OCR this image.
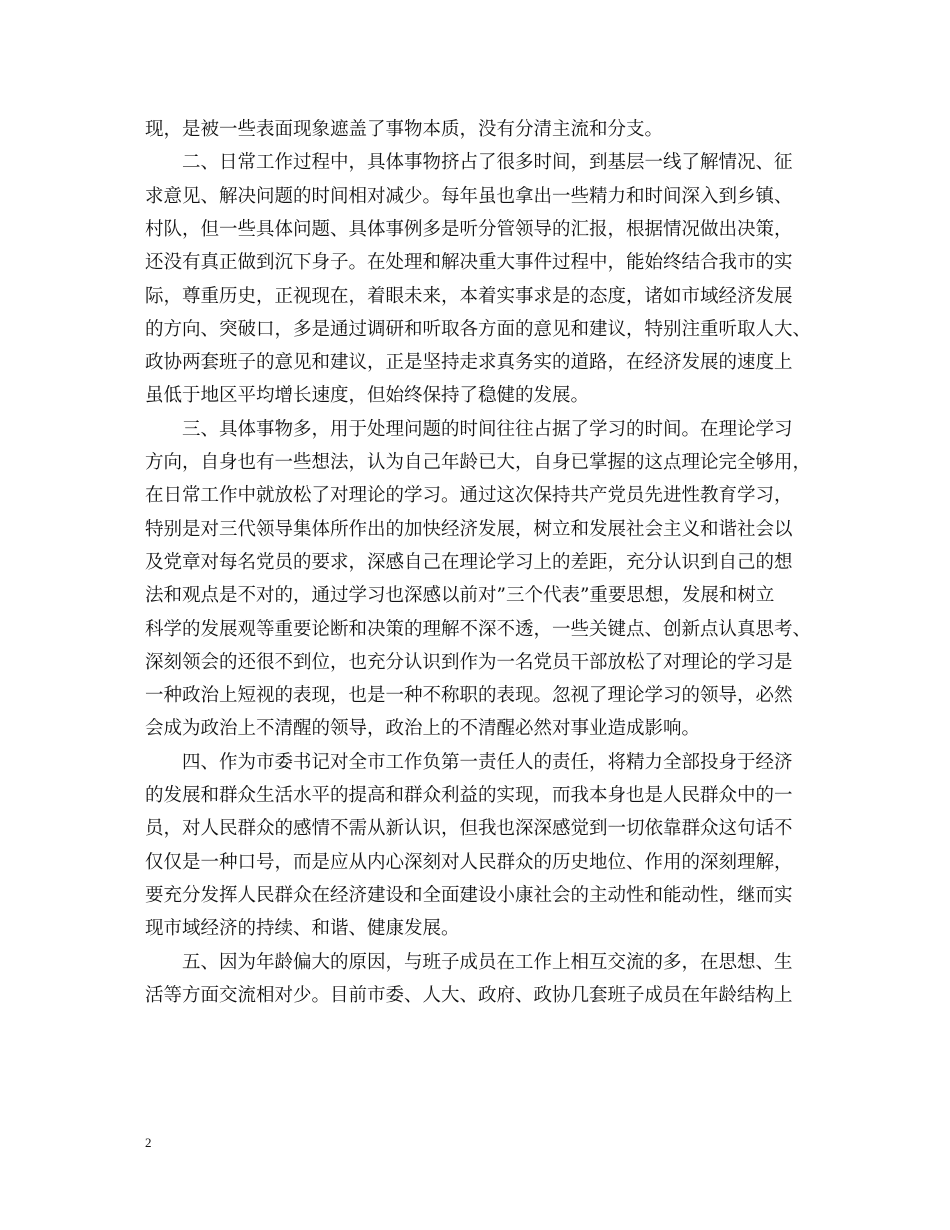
现，是被一些表面现象遮盖了事物本质，没有分清主流和分支。
　　二、日常工作过程中，具体事物挤占了很多时间，到基层一线了解情况、征
求意见、解决问题的时间相对减少。每年虽也拿出一些精力和时间深入到乡镇、
村队，但一些具体问题、具体事例多是听分管领导的汇报，根据情况做出决策，
还没有真正做到沉下身子。在处理和解决重大事件过程中，能始终结合我市的实
际，尊重历史，正视现在，着眼未来，本着实事求是的态度，诸如市域经济发展
的方向、突破口，多是通过调研和听取各方面的意见和建议，特别注重听取人大、
政协两套班子的意见和建议，正是坚持走求真务实的道路，在经济发展的速度上
虽低于地区平均增长速度，但始终保持了稳健的发展。
　　三、具体事物多，用于处理问题的时间往往占据了学习的时间。在理论学习
方向，自身也有一些想法，认为自己年龄已大，自身已掌握的这点理论完全够用，
在日常工作中就放松了对理论的学习。通过这次保持共产党员先进性教育学习，
特别是对三代领导集体所作出的加快经济发展，树立和发展社会主义和谐社会以
及党章对每名党员的要求，深感自己在理论学习上的差距，充分认识到自己的想
法和观点是不对的，通过学习也深感以前对”三个代表”重要思想，发展和树立
科学的发展观等重要论断和决策的理解不深不透，一些关键点、创新点认真思考、
深刻领会的还很不到位，也充分认识到作为一名党员干部放松了对理论的学习是
一种政治上短视的表现，也是一种不称职的表现。忽视了理论学习的领导，必然
会成为政治上不清醒的领导，政治上的不清醒必然对事业造成影响。
　　四、作为市委书记对全市工作负第一责任人的责任，将精力全部投身于经济
的发展和群众生活水平的提高和群众利益的实现，而我本身也是人民群众中的一
员，对人民群众的感情不需从新认识，但我也深深感觉到一切依靠群众这句话不
仅仅是一种口号，而是应从内心深刻对人民群众的历史地位、作用的深刻理解，
要充分发挥人民群众在经济建设和全面建设小康社会的主动性和能动性，继而实
现市域经济的持续、和谐、健康发展。
　　五、因为年龄偏大的原因，与班子成员在工作上相互交流的多，在思想、生
活等方面交流相对少。目前市委、人大、政府、政协几套班子成员在年龄结构上
2
